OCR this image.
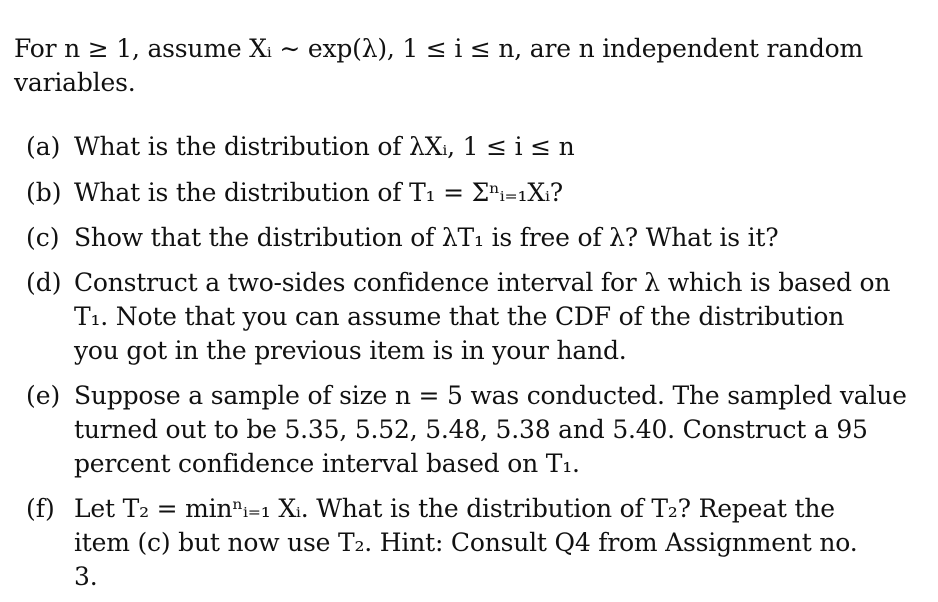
For n ≥ 1, assume Xᵢ ∼ exp(λ), 1 ≤ i ≤ n, are n independent random
variables.
(a) What is the distribution of λXᵢ, 1 ≤ i ≤ n
(b) What is the distribution of T₁ = Σⁿᵢ₌₁Xᵢ?
(c) Show that the distribution of λT₁ is free of λ? What is it?
(d) Construct a two-sides confidence interval for λ which is based on
T₁. Note that you can assume that the CDF of the distribution
you got in the previous item is in your hand.
(e) Suppose a sample of size n = 5 was conducted. The sampled value
turned out to be 5.35, 5.52, 5.48, 5.38 and 5.40. Construct a 95
percent confidence interval based on T₁.
(f) Let T₂ = minⁿᵢ₌₁ Xᵢ. What is the distribution of T₂? Repeat the
item (c) but now use T₂. Hint: Consult Q4 from Assignment no.
3.
